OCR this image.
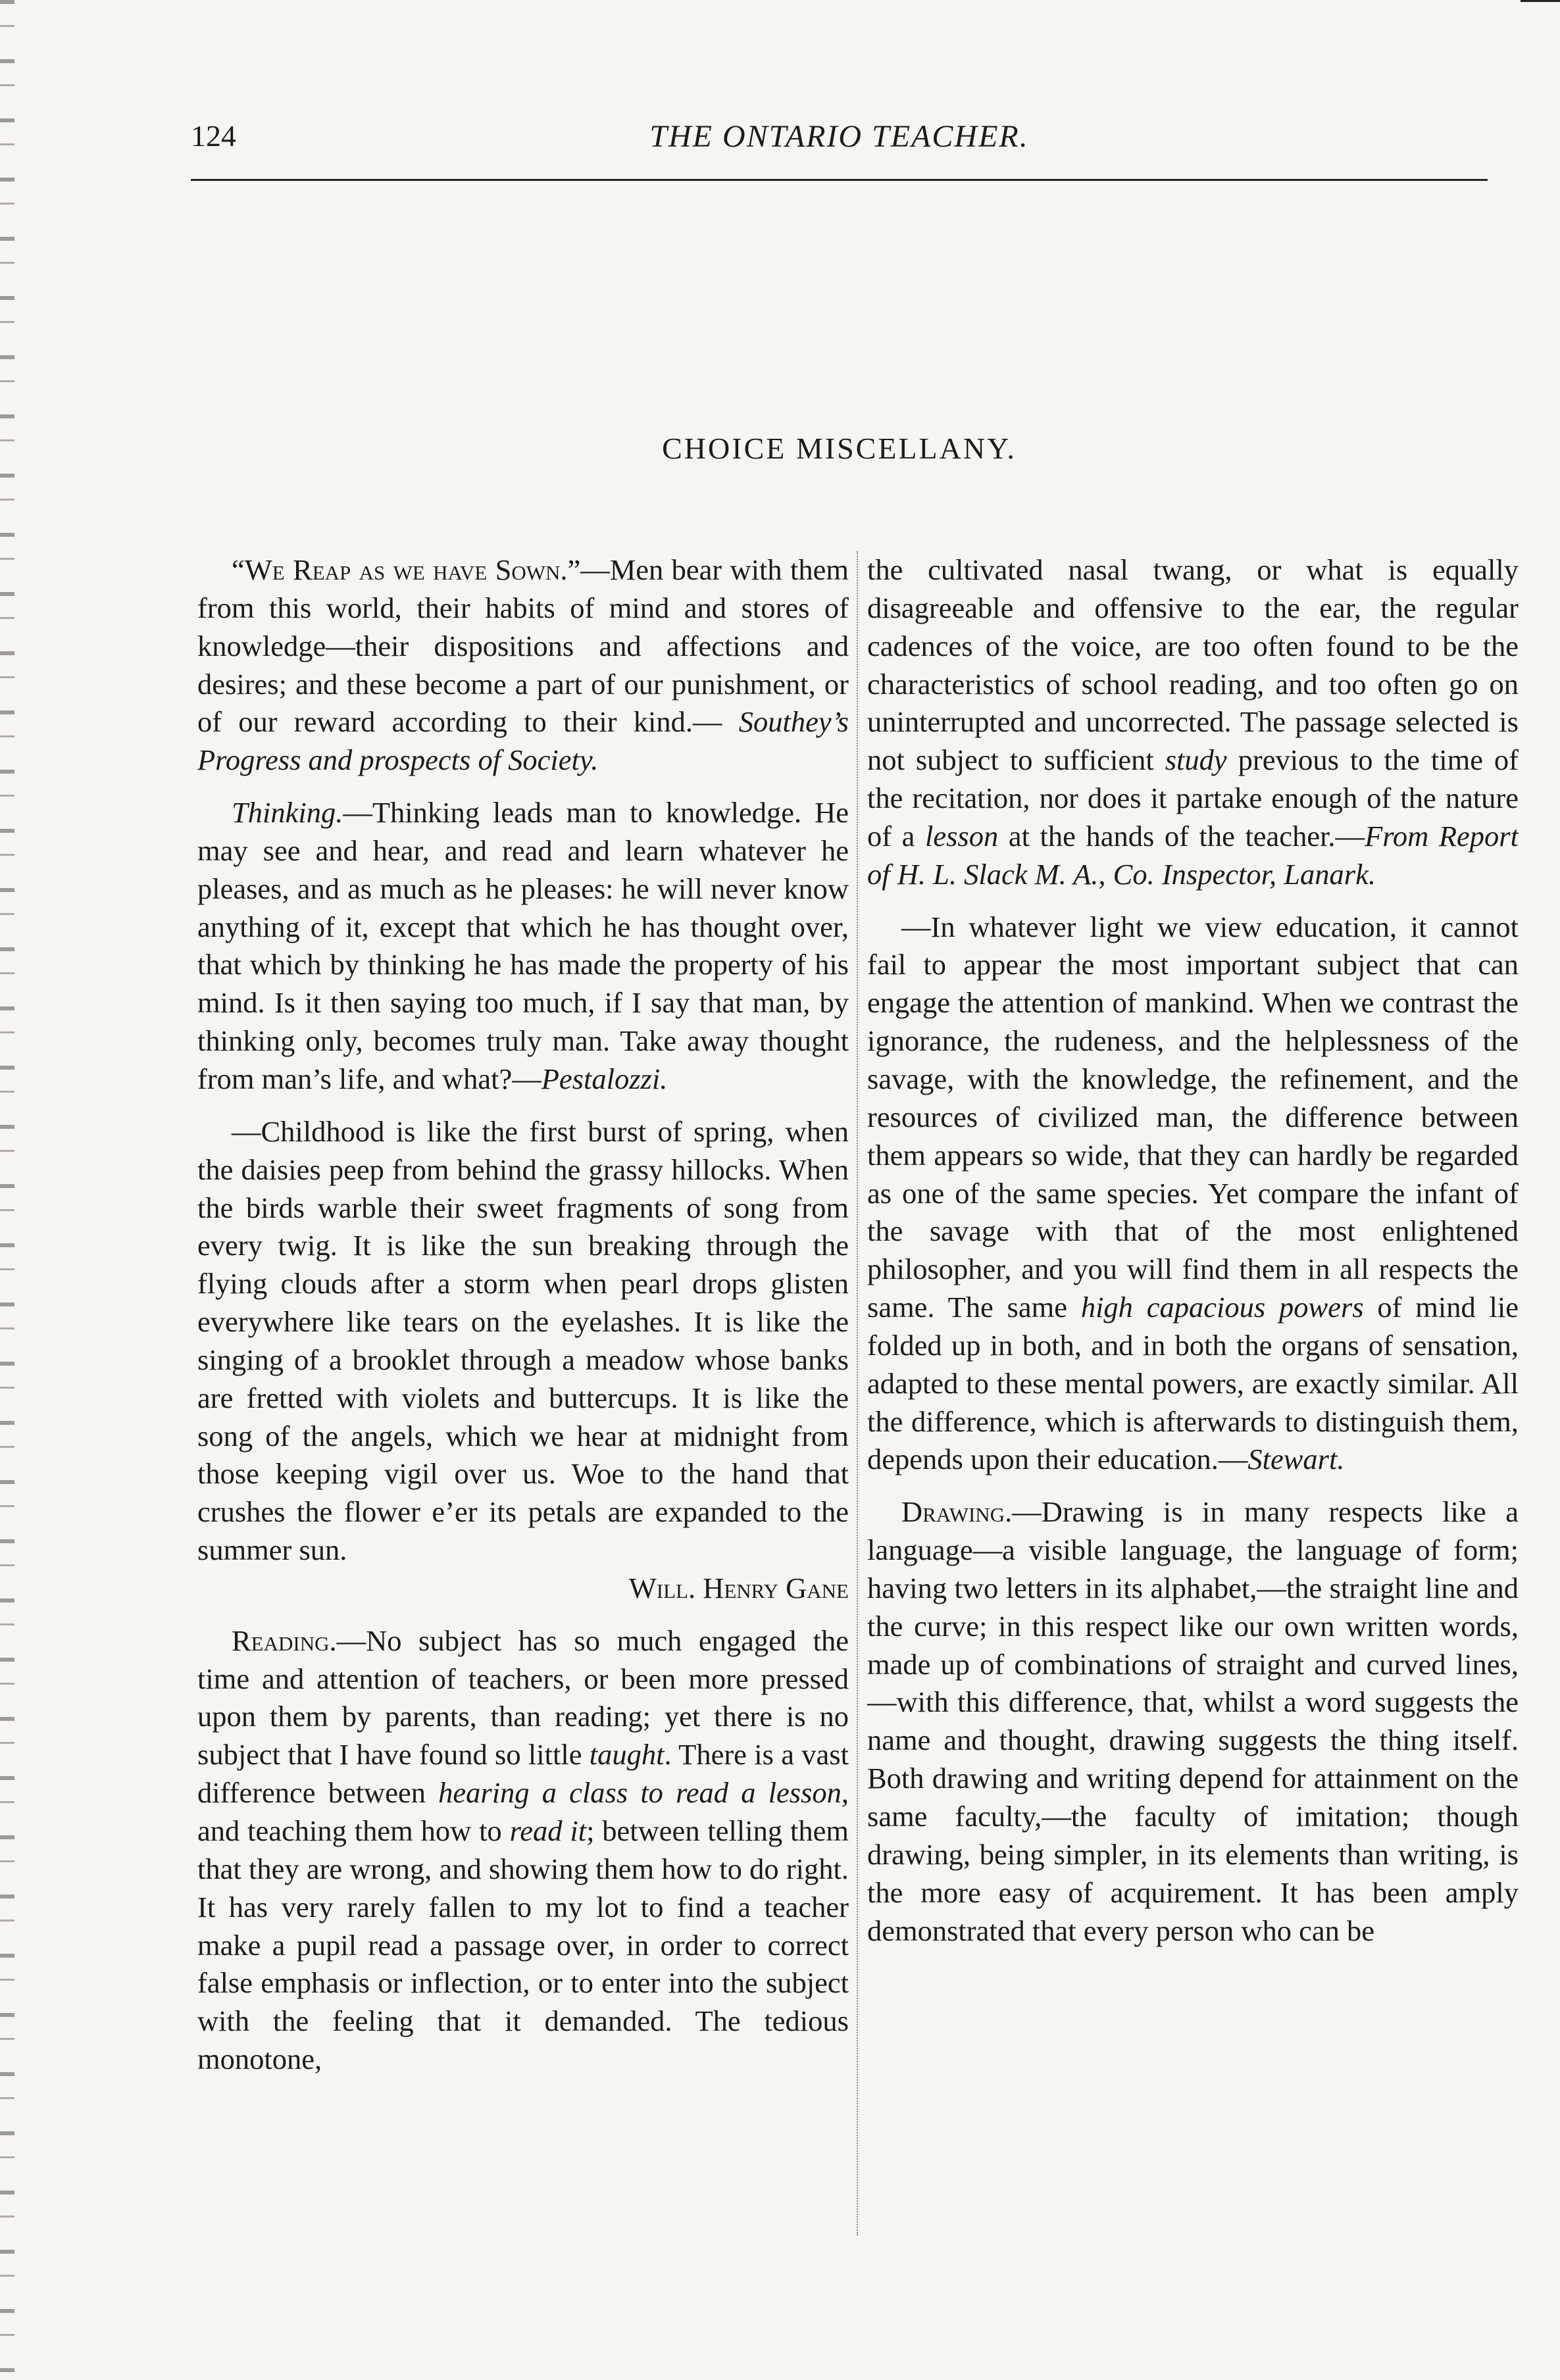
124	THE ONTARIO TEACHER.
CHOICE MISCELLANY.

“We Reap as we have Sown.”—Men bear with them from this world, their habits of mind and stores of knowledge—their dispositions and affections and desires; and these become a part of our punishment, or of our reward according to their kind.— Southey’s Progress and prospects of Society.

Thinking.—Thinking leads man to knowledge. He may see and hear, and read and learn whatever he pleases, and as much as he pleases: he will never know anything of it, except that which he has thought over, that which by thinking he has made the property of his mind. Is it then saying too much, if I say that man, by thinking only, becomes truly man. Take away thought from man’s life, and what?—Pestalozzi.

—Childhood is like the first burst of spring, when the daisies peep from behind the grassy hillocks. When the birds warble their sweet fragments of song from every twig. It is like the sun breaking through the flying clouds after a storm when pearl drops glisten everywhere like tears on the eyelashes. It is like the singing of a brooklet through a meadow whose banks are fretted with violets and buttercups. It is like the song of the angels, which we hear at midnight from those keeping vigil over us. Woe to the hand that crushes the flower e’er its petals are expanded to the summer sun.
Will. Henry Gane

Reading.—No subject has so much engaged the time and attention of teachers, or been more pressed upon them by parents, than reading; yet there is no subject that I have found so little taught. There is a vast difference between hearing a class to read a lesson, and teaching them how to read it; between telling them that they are wrong, and showing them how to do right. It has very rarely fallen to my lot to find a teacher make a pupil read a passage over, in order to correct false emphasis or inflection, or to enter into the subject with the feeling that it demanded. The tedious monotone,

the cultivated nasal twang, or what is equally disagreeable and offensive to the ear, the regular cadences of the voice, are too often found to be the characteristics of school reading, and too often go on uninterrupted and uncorrected. The passage selected is not subject to sufficient study previous to the time of the recitation, nor does it partake enough of the nature of a lesson at the hands of the teacher.—From Report of H. L. Slack M. A., Co. Inspector, Lanark.

—In whatever light we view education, it cannot fail to appear the most important subject that can engage the attention of mankind. When we contrast the ignorance, the rudeness, and the helplessness of the savage, with the knowledge, the refinement, and the resources of civilized man, the difference between them appears so wide, that they can hardly be regarded as one of the same species. Yet compare the infant of the savage with that of the most enlightened philosopher, and you will find them in all respects the same. The same high capacious powers of mind lie folded up in both, and in both the organs of sensation, adapted to these mental powers, are exactly similar. All the difference, which is afterwards to distinguish them, depends upon their education.—Stewart.

Drawing.—Drawing is in many respects like a language—a visible language, the language of form; having two letters in its alphabet,—the straight line and the curve; in this respect like our own written words, made up of combinations of straight and curved lines,—with this difference, that, whilst a word suggests the name and thought, drawing suggests the thing itself. Both drawing and writing depend for attainment on the same faculty,—the faculty of imitation; though drawing, being simpler, in its elements than writing, is the more easy of acquirement. It has been amply demonstrated that every person who can be
